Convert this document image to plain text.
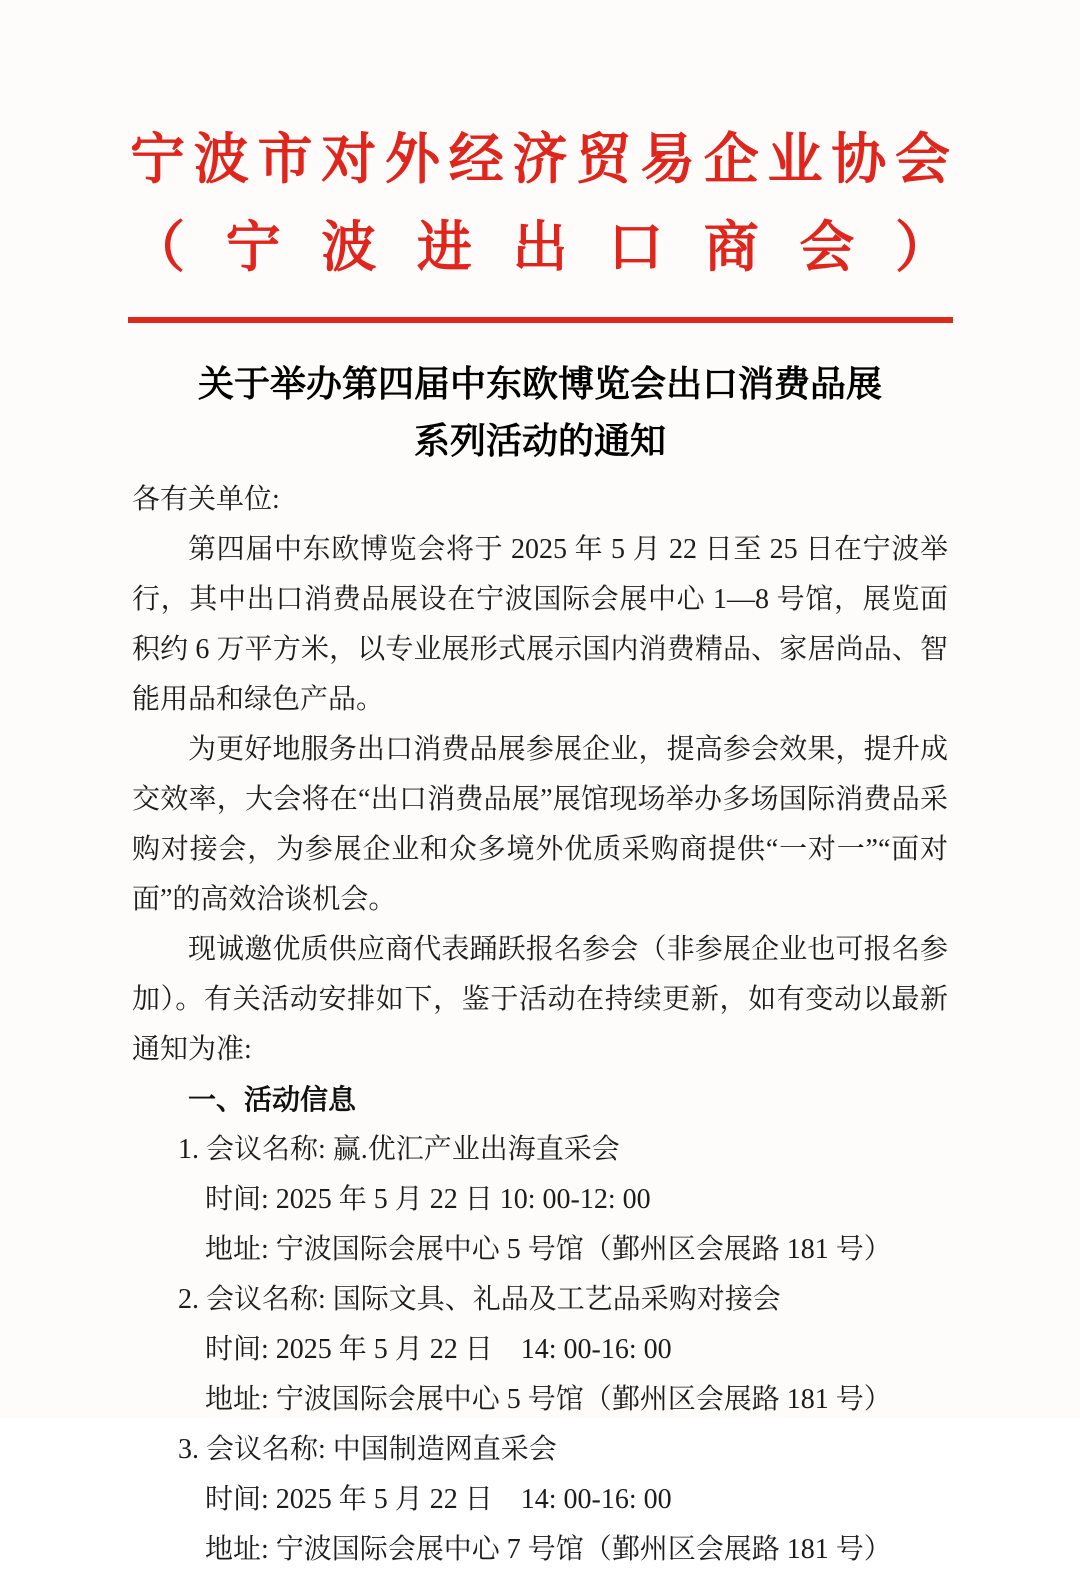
宁波市对外经济贸易企业协会
（宁波进出口商会）
关于举办第四届中东欧博览会出口消费品展
系列活动的通知

各有关单位:

第四届中东欧博览会将于 2025 年 5 月 22 日至 25 日在宁波举行，其中出口消费品展设在宁波国际会展中心 1—8 号馆，展览面积约 6 万平方米，以专业展形式展示国内消费精品、家居尚品、智能用品和绿色产品。

为更好地服务出口消费品展参展企业，提高参会效果，提升成交效率，大会将在“出口消费品展”展馆现场举办多场国际消费品采购对接会，为参展企业和众多境外优质采购商提供“一对一”“面对面”的高效洽谈机会。

现诚邀优质供应商代表踊跃报名参会（非参展企业也可报名参加）。有关活动安排如下，鉴于活动在持续更新，如有变动以最新通知为准:

一、活动信息

1. 会议名称: 赢.优汇产业出海直采会

时间: 2025 年 5 月 22 日 10: 00-12: 00

地址: 宁波国际会展中心 5 号馆（鄞州区会展路 181 号）

2. 会议名称: 国际文具、礼品及工艺品采购对接会

时间: 2025 年 5 月 22 日　14: 00-16: 00

地址: 宁波国际会展中心 5 号馆（鄞州区会展路 181 号）

3. 会议名称: 中国制造网直采会

时间: 2025 年 5 月 22 日　14: 00-16: 00

地址: 宁波国际会展中心 7 号馆（鄞州区会展路 181 号）
